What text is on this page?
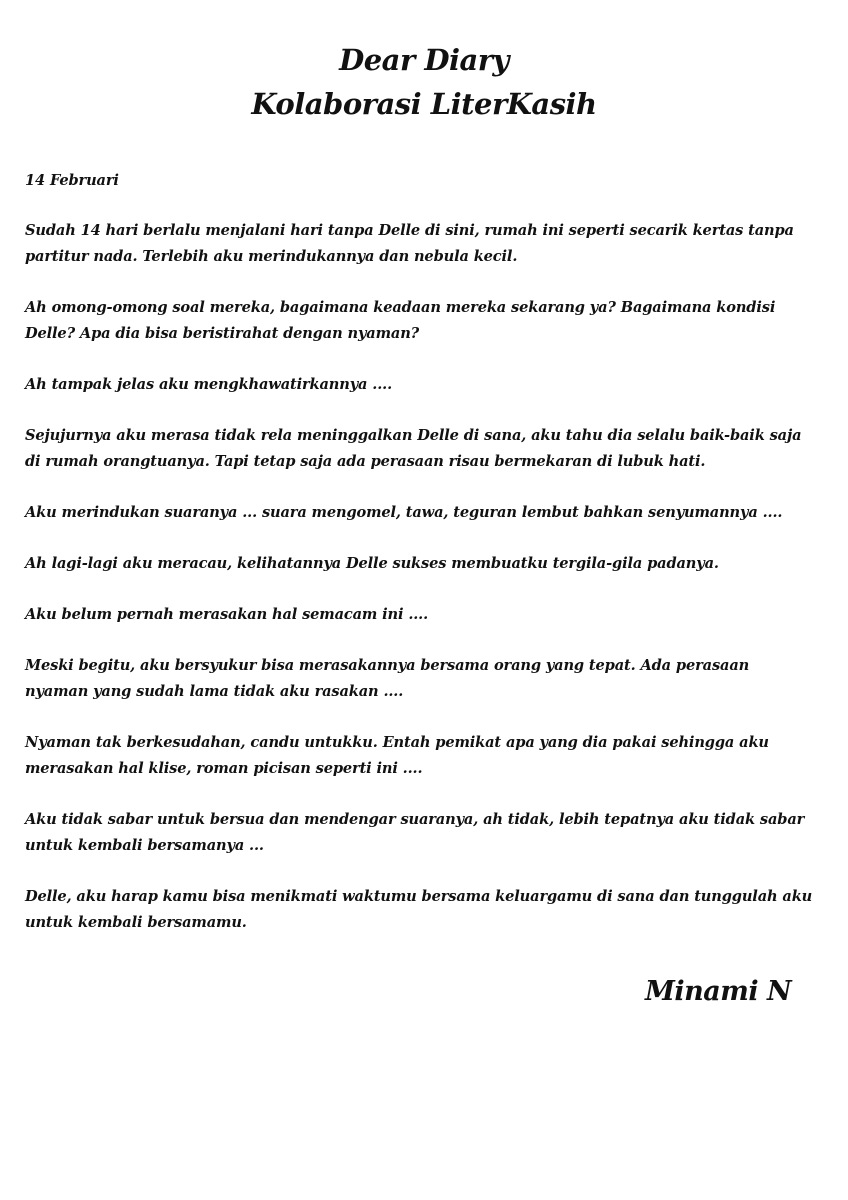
Dear Diary
Kolaborasi LiterKasih

14 Februari

Sudah 14 hari berlalu menjalani hari tanpa Delle di sini, rumah ini seperti secarik kertas tanpa partitur nada. Terlebih aku merindukannya dan nebula kecil.

Ah omong-omong soal mereka, bagaimana keadaan mereka sekarang ya? Bagaimana kondisi Delle? Apa dia bisa beristirahat dengan nyaman?

Ah tampak jelas aku mengkhawatirkannya ....

Sejujurnya aku merasa tidak rela meninggalkan Delle di sana, aku tahu dia selalu baik-baik saja di rumah orangtuanya. Tapi tetap saja ada perasaan risau bermekaran di lubuk hati.

Aku merindukan suaranya ... suara mengomel, tawa, teguran lembut bahkan senyumannya ....

Ah lagi-lagi aku meracau, kelihatannya Delle sukses membuatku tergila-gila padanya.

Aku belum pernah merasakan hal semacam ini ....

Meski begitu, aku bersyukur bisa merasakannya bersama orang yang tepat. Ada perasaan nyaman yang sudah lama tidak aku rasakan ....

Nyaman tak berkesudahan, candu untukku. Entah pemikat apa yang dia pakai sehingga aku merasakan hal klise, roman picisan seperti ini ....

Aku tidak sabar untuk bersua dan mendengar suaranya, ah tidak, lebih tepatnya aku tidak sabar untuk kembali bersamanya ...

Delle, aku harap kamu bisa menikmati waktumu bersama keluargamu di sana dan tunggulah aku untuk kembali bersamamu.

Minami N
